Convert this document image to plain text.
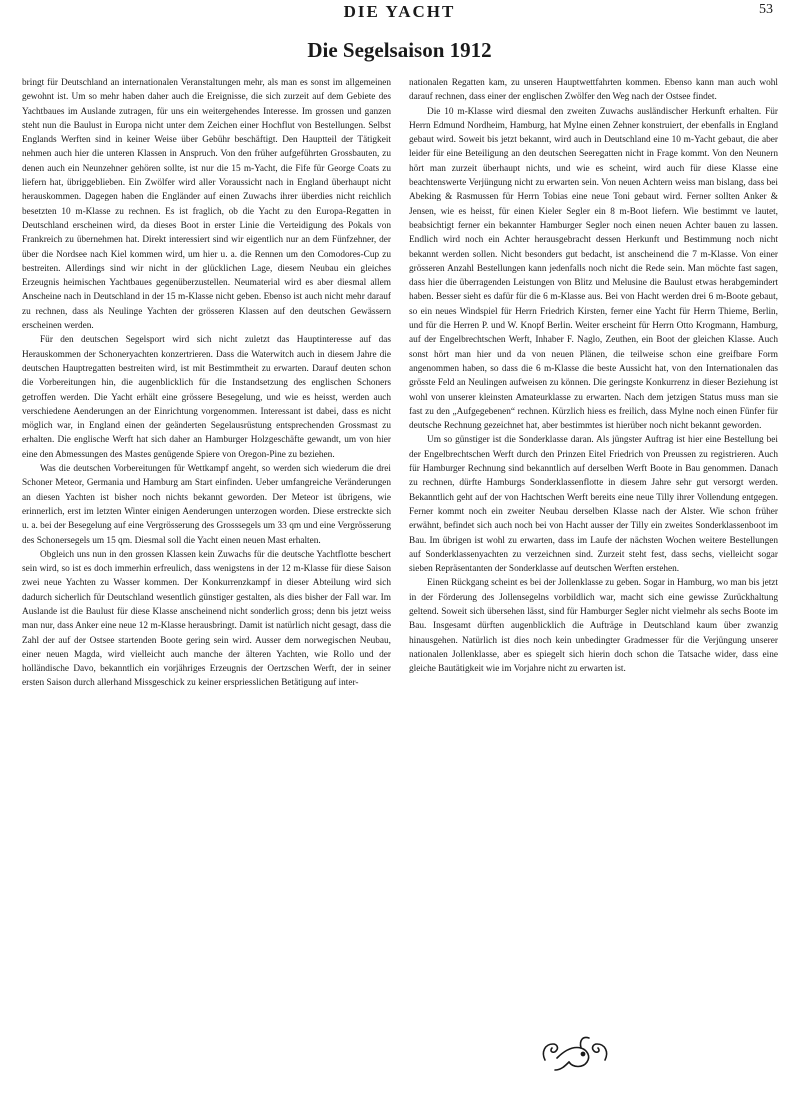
DIE YACHT	53
Die Segelsaison 1912

bringt für Deutschland an internationalen Veranstaltungen mehr, als man es sonst im allgemeinen gewohnt ist. Um so mehr haben daher auch die Ereignisse, die sich zurzeit auf dem Gebiete des Yachtbaues im Auslande zutragen, für uns ein weitergehendes Interesse. Im grossen und ganzen steht nun die Baulust in Europa nicht unter dem Zeichen einer Hochflut von Bestellungen. Selbst Englands Werften sind in keiner Weise über Gebühr beschäftigt. Den Hauptteil der Tätigkeit nehmen auch hier die unteren Klassen in Anspruch. Von den früher aufgeführten Grossbauten, zu denen auch ein Neunzehner gehören sollte, ist nur die 15 m-Yacht, die Fife für George Coats zu liefern hat, übriggeblieben. Ein Zwölfer wird aller Voraussicht nach in England überhaupt nicht herauskommen. Dagegen haben die Engländer auf einen Zuwachs ihrer überdies nicht reichlich besetzten 10 m-Klasse zu rechnen. Es ist fraglich, ob die Yacht zu den Europa-Regatten in Deutschland erscheinen wird, da dieses Boot in erster Linie die Verteidigung des Pokals von Frankreich zu übernehmen hat. Direkt interessiert sind wir eigentlich nur an dem Fünfzehner, der über die Nordsee nach Kiel kommen wird, um hier u. a. die Rennen um den Comodores-Cup zu bestreiten. Allerdings sind wir nicht in der glücklichen Lage, diesem Neubau ein gleiches Erzeugnis heimischen Yachtbaues gegenüberzustellen. Neumaterial wird es aber diesmal allem Anscheine nach in Deutschland in der 15 m-Klasse nicht geben. Ebenso ist auch nicht mehr darauf zu rechnen, dass als Neulinge Yachten der grösseren Klassen auf den deutschen Gewässern erscheinen werden.

Für den deutschen Segelsport wird sich nicht zuletzt das Hauptinteresse auf das Herauskommen der Schoneryachten konzertrieren. Dass die Waterwitch auch in diesem Jahre die deutschen Hauptregatten bestreiten wird, ist mit Bestimmtheit zu erwarten. Darauf deuten schon die Vorbereitungen hin, die augenblicklich für die Instandsetzung des englischen Schoners getroffen werden. Die Yacht erhält eine grössere Besegelung, und wie es heisst, werden auch verschiedene Aenderungen an der Einrichtung vorgenommen. Interessant ist dabei, dass es nicht möglich war, in England einen der geänderten Segelausrüstung entsprechenden Grossmast zu erhalten. Die englische Werft hat sich daher an Hamburger Holzgeschäfte gewandt, um von hier eine den Abmessungen des Mastes genügende Spiere von Oregon-Pine zu beziehen.

Was die deutschen Vorbereitungen für Wettkampf angeht, so werden sich wiederum die drei Schoner Meteor, Germania und Hamburg am Start einfinden. Ueber umfangreiche Veränderungen an diesen Yachten ist bisher noch nichts bekannt geworden. Der Meteor ist übrigens, wie erinnerlich, erst im letzten Winter einigen Aenderungen unterzogen worden. Diese erstreckte sich u. a. bei der Besegelung auf eine Vergrösserung des Grosssegels um 33 qm und eine Vergrösserung des Schonersegels um 15 qm. Diesmal soll die Yacht einen neuen Mast erhalten.

Obgleich uns nun in den grossen Klassen kein Zuwachs für die deutsche Yachtflotte beschert sein wird, so ist es doch immerhin erfreulich, dass wenigstens in der 12 m-Klasse für diese Saison zwei neue Yachten zu Wasser kommen. Der Konkurrenzkampf in dieser Abteilung wird sich dadurch sicherlich für Deutschland wesentlich günstiger gestalten, als dies bisher der Fall war. Im Auslande ist die Baulust für diese Klasse anscheinend nicht sonderlich gross; denn bis jetzt weiss man nur, dass Anker eine neue 12 m-Klasse herausbringt. Damit ist natürlich nicht gesagt, dass die Zahl der auf der Ostsee startenden Boote gering sein wird. Ausser dem norwegischen Neubau, einer neuen Magda, wird vielleicht auch manche der älteren Yachten, wie Rollo und der holländische Davo, bekanntlich ein vorjähriges Erzeugnis der Oertzschen Werft, der in seiner ersten Saison durch allerhand Missgeschick zu keiner erspriesslichen Betätigung auf inter-

nationalen Regatten kam, zu unseren Hauptwettfahrten kommen. Ebenso kann man auch wohl darauf rechnen, dass einer der englischen Zwölfer den Weg nach der Ostsee findet.

Die 10 m-Klasse wird diesmal den zweiten Zuwachs ausländischer Herkunft erhalten. Für Herrn Edmund Nordheim, Hamburg, hat Mylne einen Zehner konstruiert, der ebenfalls in England gebaut wird. Soweit bis jetzt bekannt, wird auch in Deutschland eine 10 m-Yacht gebaut, die aber leider für eine Beteiligung an den deutschen Seeregatten nicht in Frage kommt. Von den Neunern hört man zurzeit überhaupt nichts, und wie es scheint, wird auch für diese Klasse eine beachtenswerte Verjüngung nicht zu erwarten sein. Von neuen Achtern weiss man bislang, dass bei Abeking & Rasmussen für Herrn Tobias eine neue Toni gebaut wird. Ferner sollten Anker & Jensen, wie es heisst, für einen Kieler Segler ein 8 m-Boot liefern. Wie bestimmt ve lautet, beabsichtigt ferner ein bekannter Hamburger Segler noch einen neuen Achter bauen zu lassen. Endlich wird noch ein Achter herausgebracht dessen Herkunft und Bestimmung noch nicht bekannt werden sollen. Nicht besonders gut bedacht, ist anscheinend die 7 m-Klasse. Von einer grösseren Anzahl Bestellungen kann jedenfalls noch nicht die Rede sein. Man möchte fast sagen, dass hier die überragenden Leistungen von Blitz und Melusine die Baulust etwas herabgemindert haben. Besser sieht es dafür für die 6 m-Klasse aus. Bei von Hacht werden drei 6 m-Boote gebaut, so ein neues Windspiel für Herrn Friedrich Kirsten, ferner eine Yacht für Herrn Thieme, Berlin, und für die Herren P. und W. Knopf Berlin. Weiter erscheint für Herrn Otto Krogmann, Hamburg, auf der Engelbrechtschen Werft, Inhaber F. Naglo, Zeuthen, ein Boot der gleichen Klasse. Auch sonst hört man hier und da von neuen Plänen, die teilweise schon eine greifbare Form angenommen haben, so dass die 6 m-Klasse die beste Aussicht hat, von den Internationalen das grösste Feld an Neulingen aufweisen zu können. Die geringste Konkurrenz in dieser Beziehung ist wohl von unserer kleinsten Amateurklasse zu erwarten. Nach dem jetzigen Status muss man sie fast zu den „Aufgegebenen“ rechnen. Kürzlich hiess es freilich, dass Mylne noch einen Fünfer für deutsche Rechnung gezeichnet hat, aber bestimmtes ist hierüber noch nicht bekannt geworden.

Um so günstiger ist die Sonderklasse daran. Als jüngster Auftrag ist hier eine Bestellung bei der Engelbrechtschen Werft durch den Prinzen Eitel Friedrich von Preussen zu registrieren. Auch für Hamburger Rechnung sind bekanntlich auf derselben Werft Boote in Bau genommen. Danach zu rechnen, dürfte Hamburgs Sonderklassenflotte in diesem Jahre sehr gut versorgt werden. Bekanntlich geht auf der von Hachtschen Werft bereits eine neue Tilly ihrer Vollendung entgegen. Ferner kommt noch ein zweiter Neubau derselben Klasse nach der Alster. Wie schon früher erwähnt, befindet sich auch noch bei von Hacht ausser der Tilly ein zweites Sonderklassenboot im Bau. Im übrigen ist wohl zu erwarten, dass im Laufe der nächsten Wochen weitere Bestellungen auf Sonderklassenyachten zu verzeichnen sind. Zurzeit steht fest, dass sechs, vielleicht sogar sieben Repräsentanten der Sonderklasse auf deutschen Werften erstehen.

Einen Rückgang scheint es bei der Jollenklasse zu geben. Sogar in Hamburg, wo man bis jetzt in der Förderung des Jollensegelns vorbildlich war, macht sich eine gewisse Zurückhaltung geltend. Soweit sich übersehen lässt, sind für Hamburger Segler nicht vielmehr als sechs Boote im Bau. Insgesamt dürften augenblicklich die Aufträge in Deutschland kaum über zwanzig hinausgehen. Natürlich ist dies noch kein unbedingter Gradmesser für die Verjüngung unserer nationalen Jollenklasse, aber es spiegelt sich hierin doch schon die Tatsache wider, dass eine gleiche Bautätigkeit wie im Vorjahre nicht zu erwarten ist.
